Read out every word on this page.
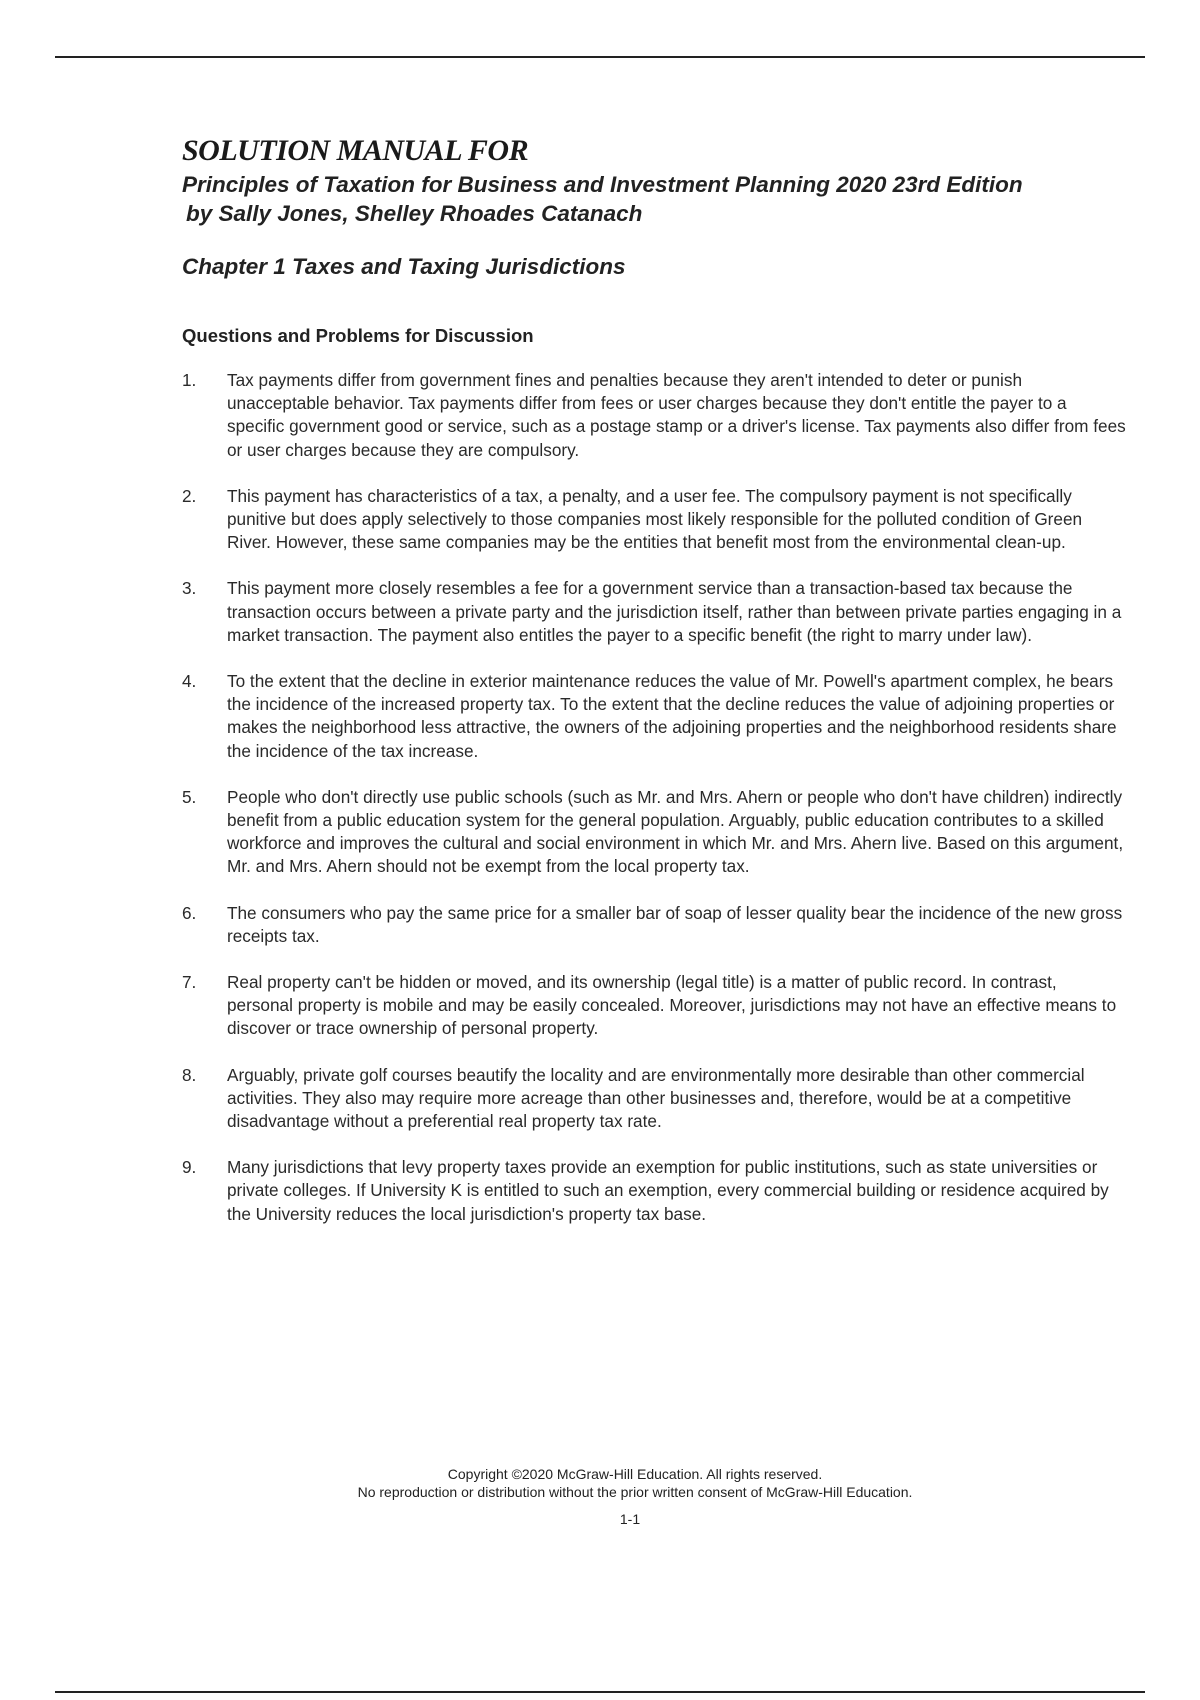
SOLUTION MANUAL FOR
Principles of Taxation for Business and Investment Planning 2020 23rd Edition
by Sally Jones, Shelley Rhoades Catanach
Chapter 1 Taxes and Taxing Jurisdictions
Questions and Problems for Discussion
1. Tax payments differ from government fines and penalties because they aren't intended to deter or punish unacceptable behavior. Tax payments differ from fees or user charges because they don't entitle the payer to a specific government good or service, such as a postage stamp or a driver's license. Tax payments also differ from fees or user charges because they are compulsory.
2. This payment has characteristics of a tax, a penalty, and a user fee. The compulsory payment is not specifically punitive but does apply selectively to those companies most likely responsible for the polluted condition of Green River. However, these same companies may be the entities that benefit most from the environmental clean-up.
3. This payment more closely resembles a fee for a government service than a transaction-based tax because the transaction occurs between a private party and the jurisdiction itself, rather than between private parties engaging in a market transaction. The payment also entitles the payer to a specific benefit (the right to marry under law).
4. To the extent that the decline in exterior maintenance reduces the value of Mr. Powell's apartment complex, he bears the incidence of the increased property tax. To the extent that the decline reduces the value of adjoining properties or makes the neighborhood less attractive, the owners of the adjoining properties and the neighborhood residents share the incidence of the tax increase.
5. People who don't directly use public schools (such as Mr. and Mrs. Ahern or people who don't have children) indirectly benefit from a public education system for the general population. Arguably, public education contributes to a skilled workforce and improves the cultural and social environment in which Mr. and Mrs. Ahern live. Based on this argument, Mr. and Mrs. Ahern should not be exempt from the local property tax.
6. The consumers who pay the same price for a smaller bar of soap of lesser quality bear the incidence of the new gross receipts tax.
7. Real property can't be hidden or moved, and its ownership (legal title) is a matter of public record. In contrast, personal property is mobile and may be easily concealed. Moreover, jurisdictions may not have an effective means to discover or trace ownership of personal property.
8. Arguably, private golf courses beautify the locality and are environmentally more desirable than other commercial activities. They also may require more acreage than other businesses and, therefore, would be at a competitive disadvantage without a preferential real property tax rate.
9. Many jurisdictions that levy property taxes provide an exemption for public institutions, such as state universities or private colleges. If University K is entitled to such an exemption, every commercial building or residence acquired by the University reduces the local jurisdiction's property tax base.

Copyright ©2020 McGraw-Hill Education. All rights reserved.

No reproduction or distribution without the prior written consent of McGraw-Hill Education.

1-1
